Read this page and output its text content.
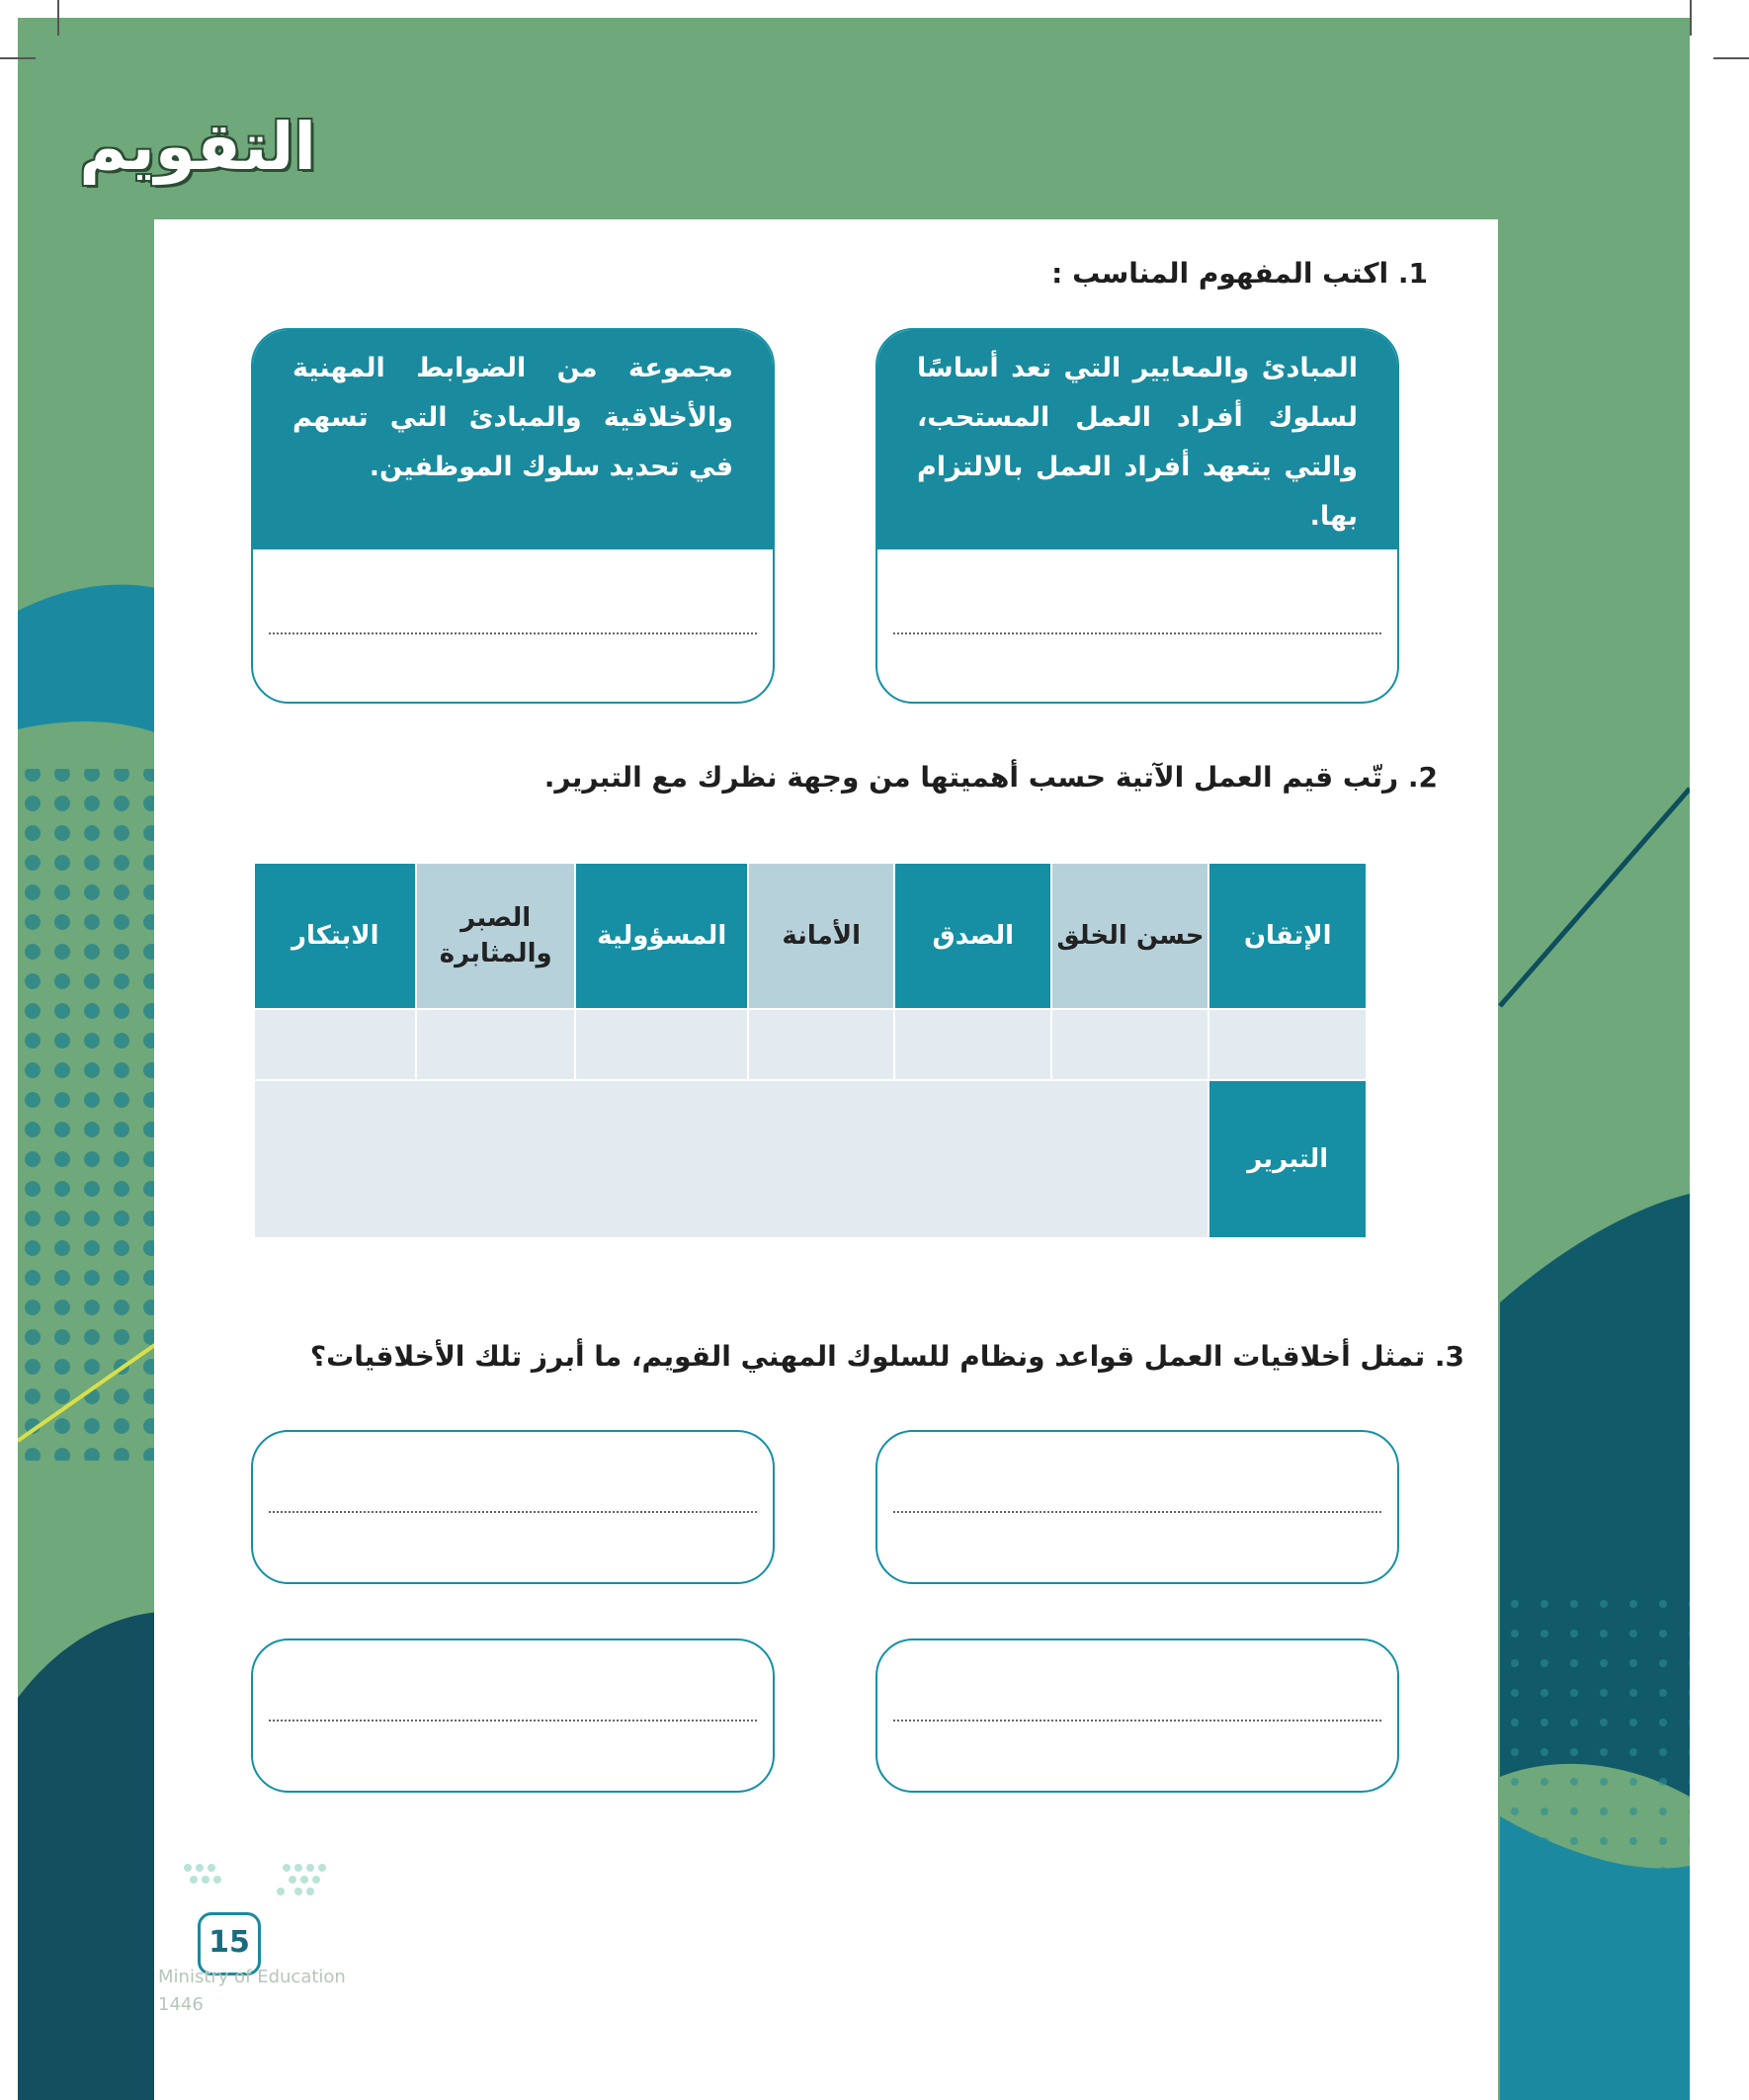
التقويم
1. اكتب المفهوم المناسب :
المبادئ والمعايير التي تعد أساسًا لسلوك أفراد العمل المستحب، والتي يتعهد أفراد العمل بالالتزام بها.
مجموعة من الضوابط المهنية والأخلاقية والمبادئ التي تسهم في تحديد سلوك الموظفين.
2. رتّب قيم العمل الآتية حسب أهميتها من وجهة نظرك مع التبرير.
الإتقان	حسن الخلق	الصدق	الأمانة	المسؤولية	الصبر والمثابرة	الابتكار

التبرير						
3. تمثل أخلاقيات العمل قواعد ونظام للسلوك المهني القويم، ما أبرز تلك الأخلاقيات؟
15
Ministry of Education
1446
